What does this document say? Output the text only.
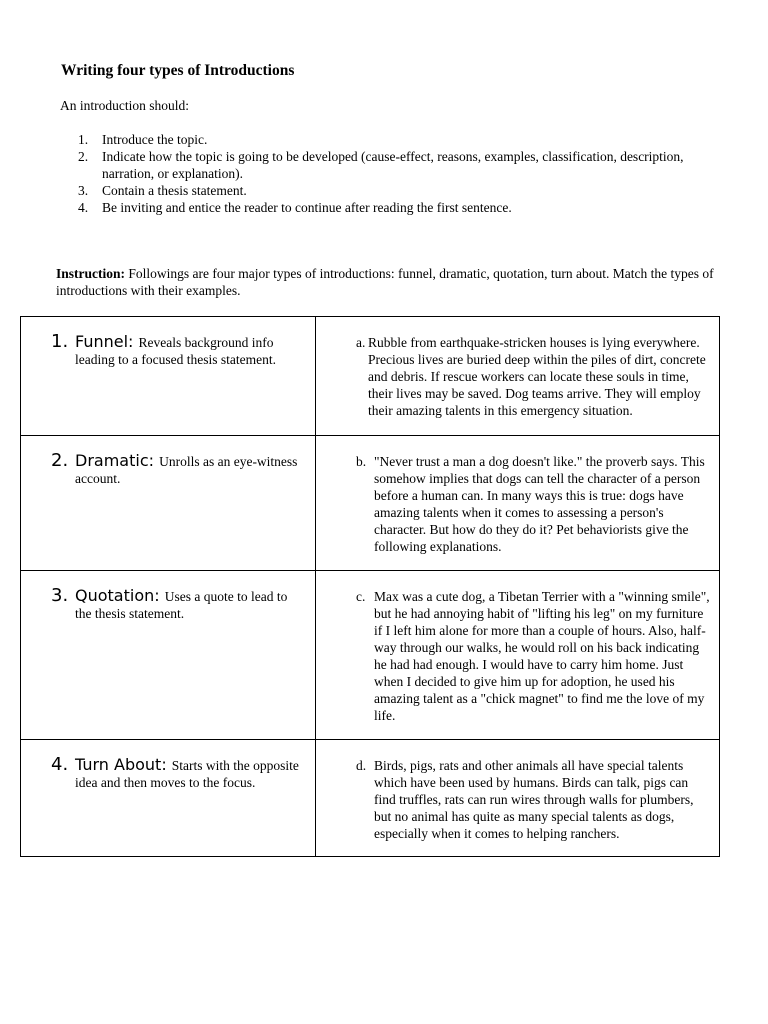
Writing four types of Introductions
An introduction should:
1. Introduce the topic.
2. Indicate how the topic is going to be developed (cause-effect, reasons, examples, classification, description, narration, or explanation).
3. Contain a thesis statement.
4. Be inviting and entice the reader to continue after reading the first sentence.
Instruction: Followings are four major types of introductions: funnel, dramatic, quotation, turn about. Match the types of introductions with their examples.
1. Funnel: Reveals background info leading to a focused thesis statement.	a. Rubble from earthquake-stricken houses is lying everywhere. Precious lives are buried deep within the piles of dirt, concrete and debris. If rescue workers can locate these souls in time, their lives may be saved. Dog teams arrive. They will employ their amazing talents in this emergency situation.

2. Dramatic: Unrolls as an eye-witness account.	b. "Never trust a man a dog doesn't like." the proverb says. This somehow implies that dogs can tell the character of a person before a human can. In many ways this is true: dogs have amazing talents when it comes to assessing a person's character. But how do they do it? Pet behaviorists give the following explanations.

3. Quotation: Uses a quote to lead to the thesis statement.	c. Max was a cute dog, a Tibetan Terrier with a "winning smile", but he had annoying habit of "lifting his leg" on my furniture if I left him alone for more than a couple of hours. Also, half-way through our walks, he would roll on his back indicating he had had enough. I would have to carry him home. Just when I decided to give him up for adoption, he used his amazing talent as a "chick magnet" to find me the love of my life.

4. Turn About: Starts with the opposite idea and then moves to the focus.	d. Birds, pigs, rats and other animals all have special talents which have been used by humans. Birds can talk, pigs can find truffles, rats can run wires through walls for plumbers, but no animal has quite as many special talents as dogs, especially when it comes to helping ranchers.
